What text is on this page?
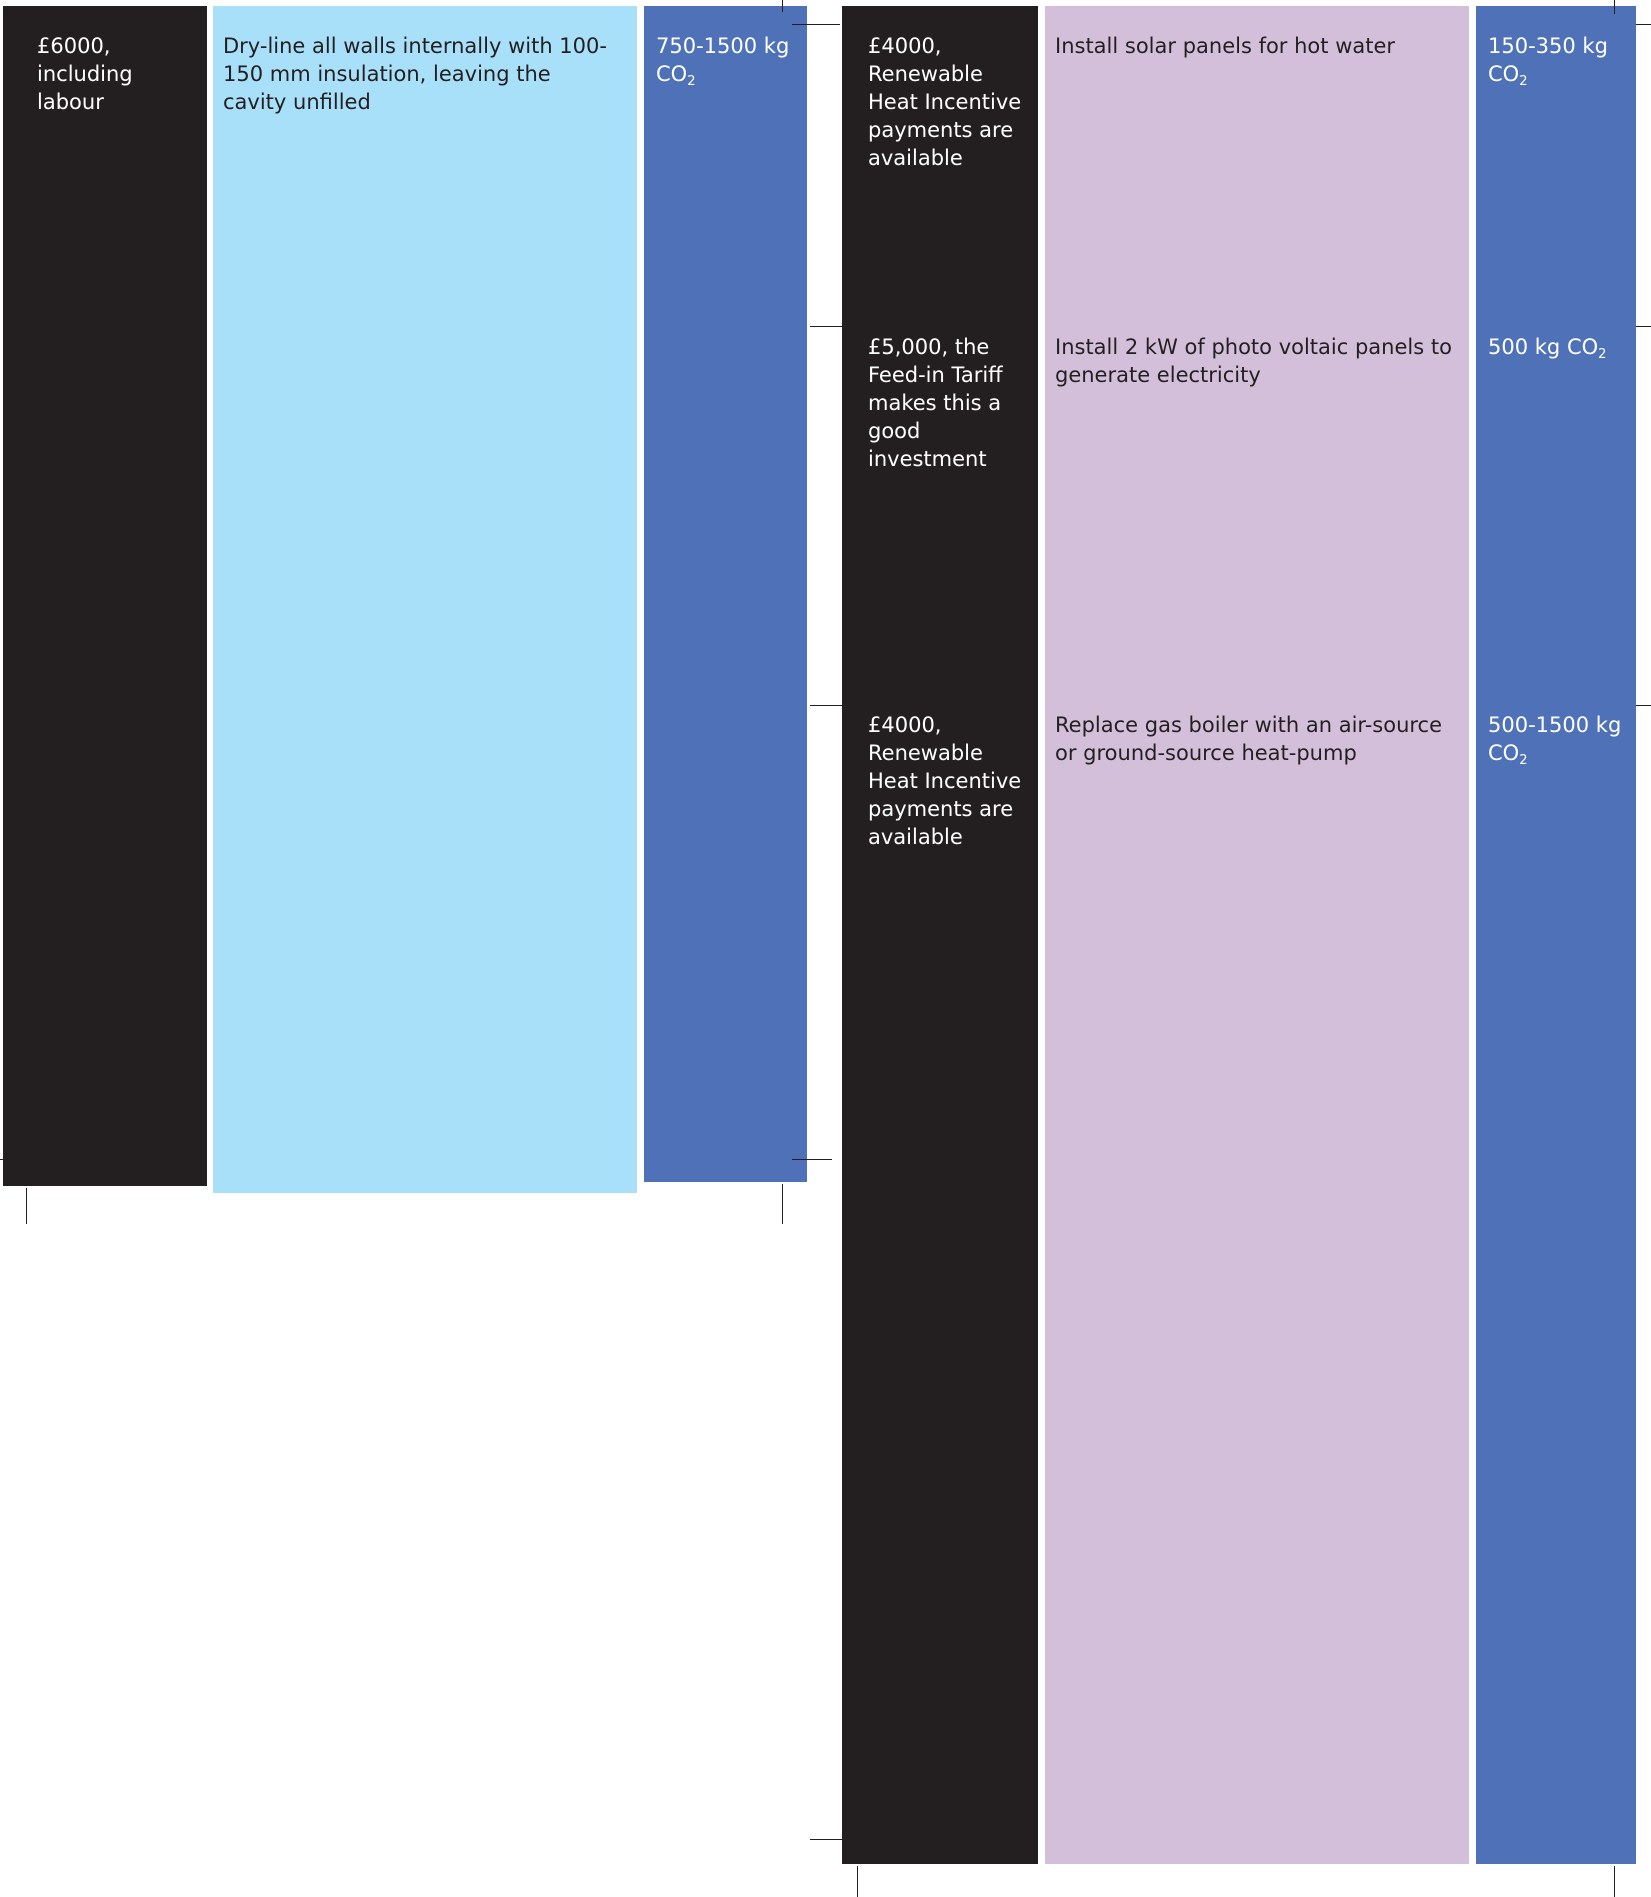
£6000, including labour

Dry-line all walls internally with 100-150 mm insulation, leaving the cavity unfilled

750-1500 kg
$CO_2$

£4000, Renewable Heat Incentive payments are available

Install solar panels for hot water	150-350 kg
$CO_2$

£5,000, the Feed-in Tariff makes this a good investment

Install 2 kW of photo voltaic panels to generate electricity

500 kg $CO_2$

£4000, Renewable Heat Incentive payments are available

Replace gas boiler with an air-source or ground-source heat-pump

500-1500 kg
$CO_2$
